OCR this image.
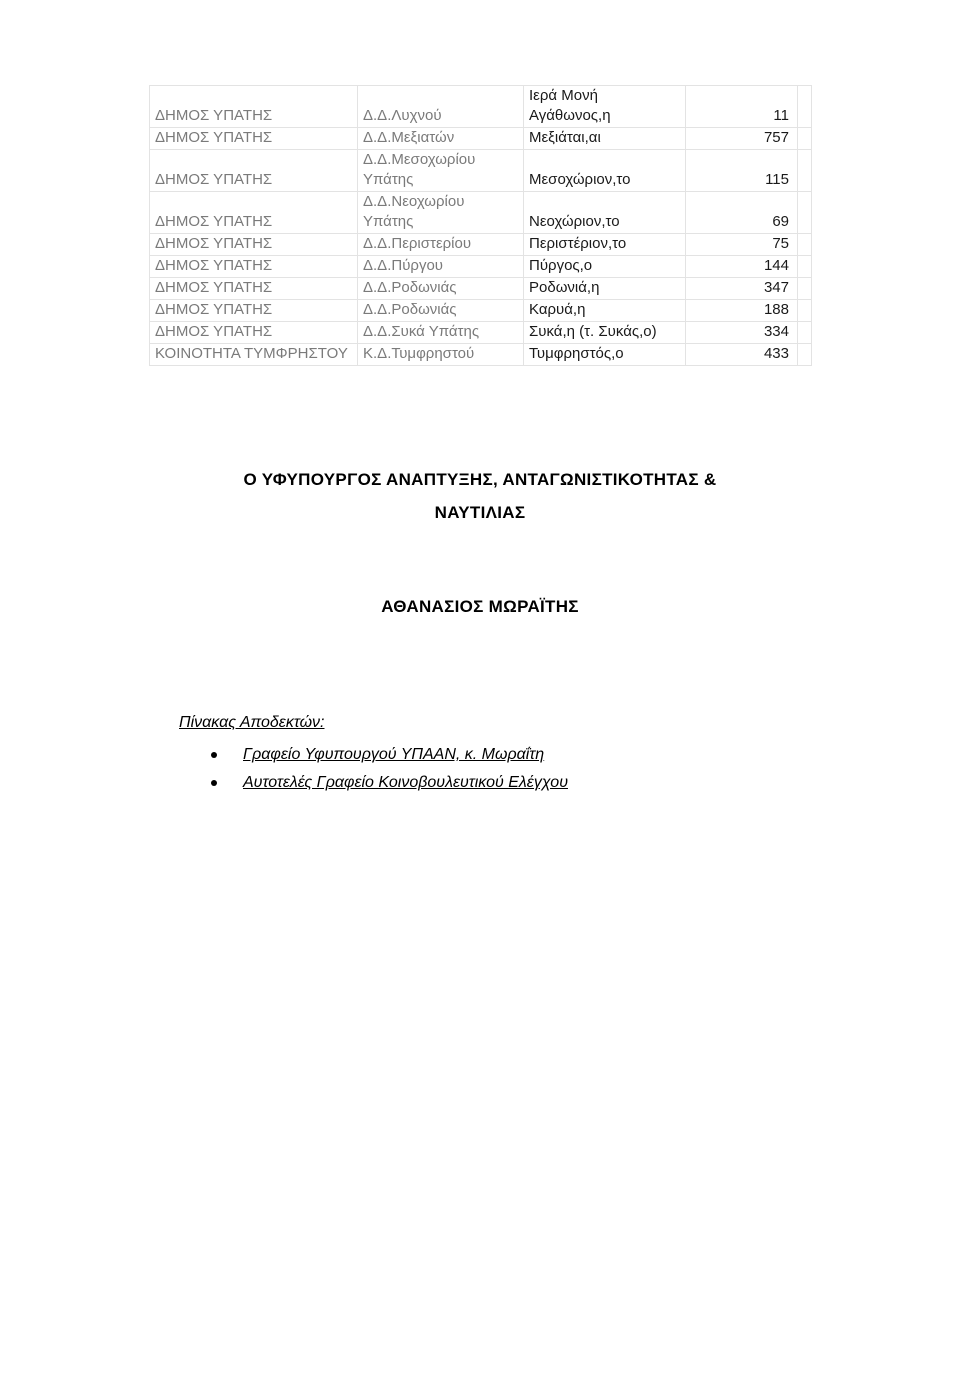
ΔΗΜΟΣ ΥΠΑΤΗΣ	Δ.Δ.Λυχνού	Ιερά Μονή Αγάθωνος,η	11	
ΔΗΜΟΣ ΥΠΑΤΗΣ	Δ.Δ.Μεξιατών	Μεξιάται,αι	757	
ΔΗΜΟΣ ΥΠΑΤΗΣ	Δ.Δ.Μεσοχωρίου Υπάτης	Μεσοχώριον,το	115	
ΔΗΜΟΣ ΥΠΑΤΗΣ	Δ.Δ.Νεοχωρίου Υπάτης	Νεοχώριον,το	69	
ΔΗΜΟΣ ΥΠΑΤΗΣ	Δ.Δ.Περιστερίου	Περιστέριον,το	75	
ΔΗΜΟΣ ΥΠΑΤΗΣ	Δ.Δ.Πύργου	Πύργος,ο	144	
ΔΗΜΟΣ ΥΠΑΤΗΣ	Δ.Δ.Ροδωνιάς	Ροδωνιά,η	347	
ΔΗΜΟΣ ΥΠΑΤΗΣ	Δ.Δ.Ροδωνιάς	Καρυά,η	188	
ΔΗΜΟΣ ΥΠΑΤΗΣ	Δ.Δ.Συκά Υπάτης	Συκά,η (τ. Συκάς,ο)	334	
ΚΟΙΝΟΤΗΤΑ ΤΥΜΦΡΗΣΤΟΥ	Κ.Δ.Τυμφρηστού	Τυμφρηστός,ο	433	
Ο ΥΦΥΠΟΥΡΓΟΣ ΑΝΑΠΤΥΞΗΣ, ΑΝΤΑΓΩΝΙΣΤΙΚΟΤΗΤΑΣ &
ΝΑΥΤΙΛΙΑΣ
ΑΘΑΝΑΣΙΟΣ ΜΩΡΑΪΤΗΣ
Πίνακας Αποδεκτών:
Γραφείο Υφυπουργού ΥΠΑΑΝ, κ. Μωραΐτη
Αυτοτελές Γραφείο Κοινοβουλευτικού Ελέγχου
